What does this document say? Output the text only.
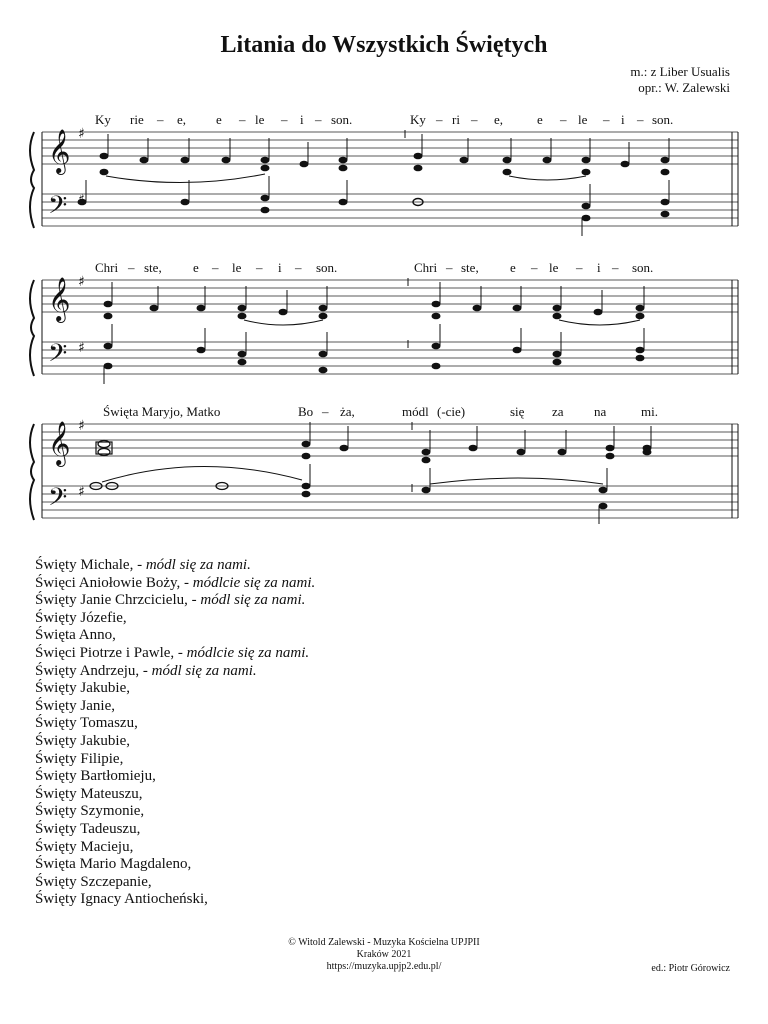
Litania do Wszystkich Świętych
m.: z Liber Usualis
opr.: W. Zalewski
Ky rie – e, e – le – i – son.	Ky – ri – e,	e – le – i – son.
𝄞
𝄢
♯
Chri – ste, e – le – i – son.	Chri – ste, e – le – i – son.
𝄞
𝄢
♯
♯
Święta Maryjo, Matko	Bo – ża,	módl (-cie)	się za na	mi.
𝄞
𝄢
♯
♯
Święty Michale, - módl się za nami.
Święci Aniołowie Boży, - módlcie się za nami.
Święty Janie Chrzcicielu, - módl się za nami.
Święty Józefie,
Święta Anno,
Święci Piotrze i Pawle, - módlcie się za nami.
Święty Andrzeju, - módl się za nami.
Święty Jakubie,
Święty Janie,
Święty Tomaszu,
Święty Jakubie,
Święty Filipie,
Święty Bartłomieju,
Święty Mateuszu,
Święty Szymonie,
Święty Tadeuszu,
Święty Macieju,
Święta Mario Magdaleno,
Święty Szczepanie,
Święty Ignacy Antiocheński,
© Witold Zalewski - Muzyka Kościelna UPJPII
Kraków 2021
https://muzyka.upjp2.edu.pl/	ed.: Piotr Górowicz
